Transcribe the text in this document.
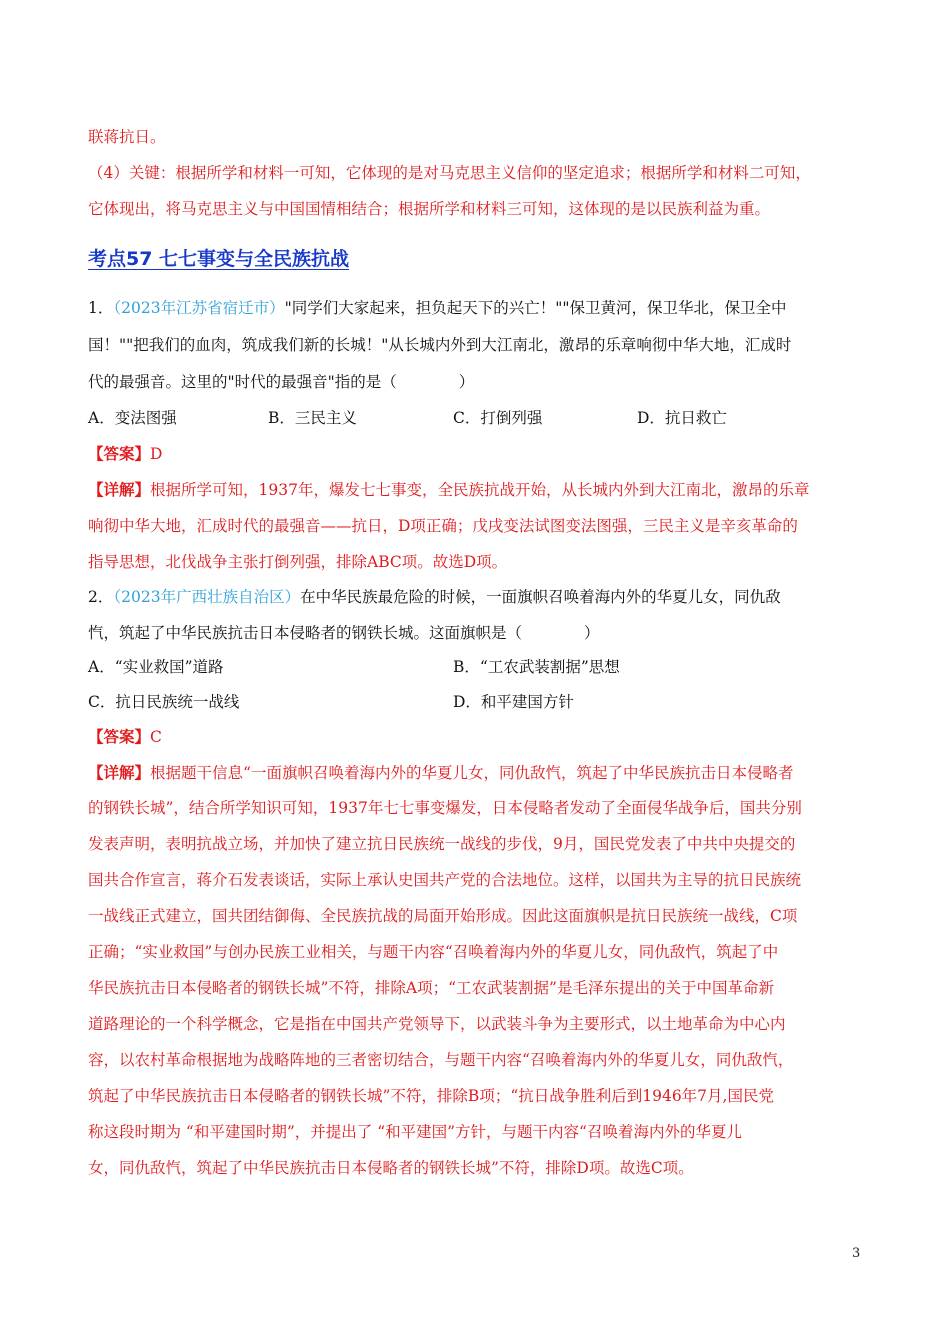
联蒋抗日。
（4）关键：根据所学和材料一可知，它体现的是对马克思主义信仰的坚定追求；根据所学和材料二可知，
它体现出，将马克思主义与中国国情相结合；根据所学和材料三可知，这体现的是以民族利益为重。
考点57 七七事变与全民族抗战
1．（2023年江苏省宿迁市）"同学们大家起来，担负起天下的兴亡！""保卫黄河，保卫华北，保卫全中
国！""把我们的血肉，筑成我们新的长城！"从长城内外到大江南北，激昂的乐章响彻中华大地，汇成时
代的最强音。这里的"时代的最强音"指的是（　　　　）
A．变法图强	B．三民主义	C．打倒列强	D．抗日救亡
【答案】D
【详解】根据所学可知，1937年，爆发七七事变，全民族抗战开始，从长城内外到大江南北，激昂的乐章
响彻中华大地，汇成时代的最强音——抗日，D项正确；戊戌变法试图变法图强，三民主义是辛亥革命的
指导思想，北伐战争主张打倒列强，排除ABC项。故选D项。
2．（2023年广西壮族自治区）在中华民族最危险的时候，一面旗帜召唤着海内外的华夏儿女，同仇敌
忾，筑起了中华民族抗击日本侵略者的钢铁长城。这面旗帜是（　　　　）
A．“实业救国”道路	B．“工农武装割据”思想
C．抗日民族统一战线	D．和平建国方针
【答案】C
【详解】根据题干信息“一面旗帜召唤着海内外的华夏儿女，同仇敌忾，筑起了中华民族抗击日本侵略者
的钢铁长城”，结合所学知识可知，1937年七七事变爆发，日本侵略者发动了全面侵华战争后，国共分别
发表声明，表明抗战立场，并加快了建立抗日民族统一战线的步伐，9月，国民党发表了中共中央提交的
国共合作宣言，蒋介石发表谈话，实际上承认史国共产党的合法地位。这样，以国共为主导的抗日民族统
一战线正式建立，国共团结御侮、全民族抗战的局面开始形成。因此这面旗帜是抗日民族统一战线，C项
正确；“实业救国”与创办民族工业相关，与题干内容“召唤着海内外的华夏儿女，同仇敌忾，筑起了中
华民族抗击日本侵略者的钢铁长城”不符，排除A项；“工农武装割据”是毛泽东提出的关于中国革命新
道路理论的一个科学概念，它是指在中国共产党领导下，以武装斗争为主要形式，以土地革命为中心内
容，以农村革命根据地为战略阵地的三者密切结合，与题干内容“召唤着海内外的华夏儿女，同仇敌忾，
筑起了中华民族抗击日本侵略者的钢铁长城”不符，排除B项；“抗日战争胜利后到1946年7月,国民党
称这段时期为 “和平建国时期”，并提出了 “和平建国”方针，与题干内容“召唤着海内外的华夏儿
女，同仇敌忾，筑起了中华民族抗击日本侵略者的钢铁长城”不符，排除D项。故选C项。
3
